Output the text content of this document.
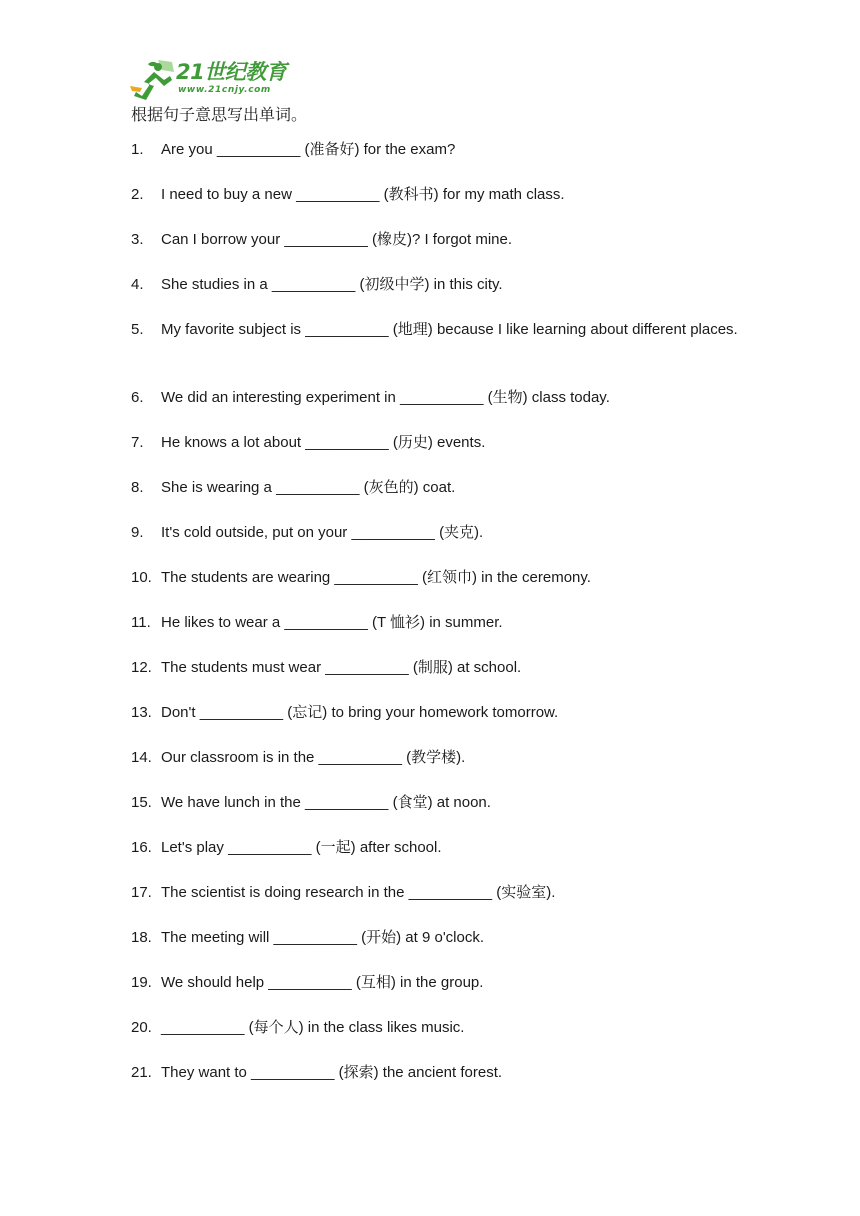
21世纪教育
www.21cnjy.com
根据句子意思写出单词。
1.	Are you __________ (准备好) for the exam?
2.	I need to buy a new __________ (教科书) for my math class.
3.	Can I borrow your __________ (橡皮)? I forgot mine.
4.	She studies in a __________ (初级中学) in this city.
5.	My favorite subject is __________ (地理) because I like learning about different places.
6.	We did an interesting experiment in __________ (生物) class today.
7.	He knows a lot about __________ (历史) events.
8.	She is wearing a __________ (灰色的) coat.
9.	It's cold outside, put on your __________ (夹克).
10. The students are wearing __________ (红领巾) in the ceremony.
11. He likes to wear a __________ (T 恤衫) in summer.
12. The students must wear __________ (制服) at school.
13. Don't __________ (忘记) to bring your homework tomorrow.
14. Our classroom is in the __________ (教学楼).
15. We have lunch in the __________ (食堂) at noon.
16. Let's play __________ (一起) after school.
17. The scientist is doing research in the __________ (实验室).
18. The meeting will __________ (开始) at 9 o'clock.
19. We should help __________ (互相) in the group.
20. __________ (每个人) in the class likes music.
21. They want to __________ (探索) the ancient forest.
